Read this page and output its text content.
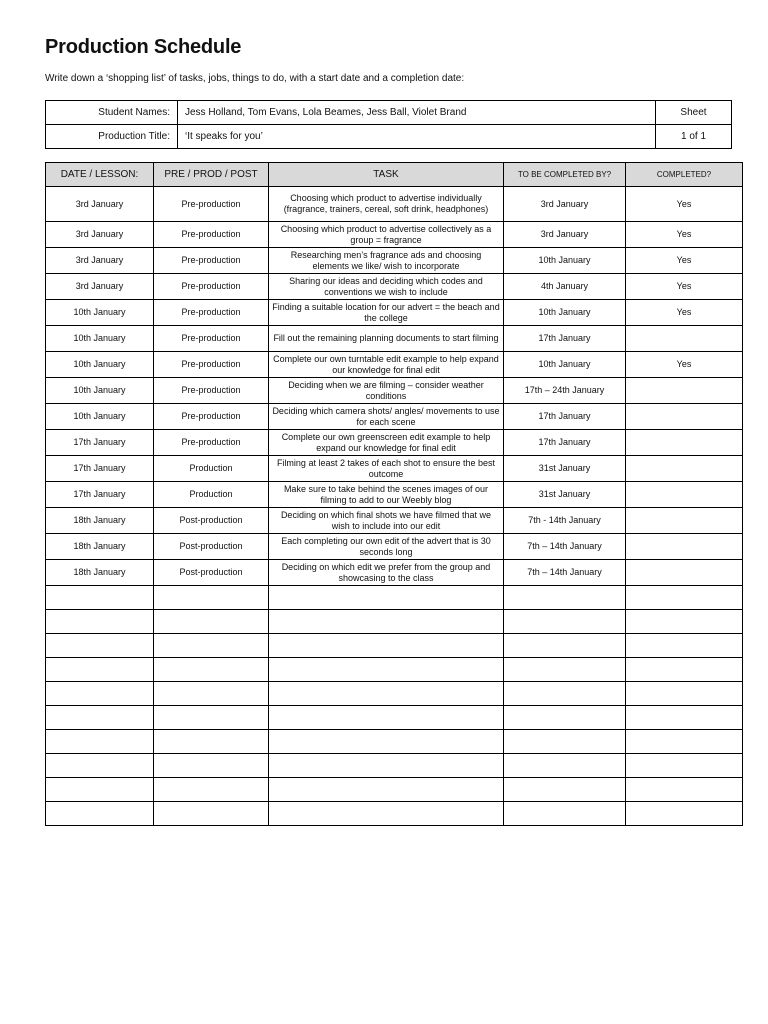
Production Schedule
Write down a ‘shopping list’ of tasks, jobs, things to do, with a start date and a completion date:
Student Names:	Jess Holland, Tom Evans, Lola Beames, Jess Ball, Violet Brand	Sheet
Production Title:	‘It speaks for you’	1 of 1
DATE / LESSON:	PRE / PROD / POST	TASK	TO BE COMPLETED BY?	COMPLETED?
3rd January	Pre-production	Choosing which product to advertise individually (fragrance, trainers, cereal, soft drink, headphones)	3rd January	Yes
3rd January	Pre-production	Choosing which product to advertise collectively as a group = fragrance	3rd January	Yes
3rd January	Pre-production	Researching men’s fragrance ads and choosing elements we like/ wish to incorporate	10th January	Yes
3rd January	Pre-production	Sharing our ideas and deciding which codes and conventions we wish to include	4th January	Yes
10th January	Pre-production	Finding a suitable location for our advert = the beach and the college	10th January	Yes
10th January	Pre-production	Fill out the remaining planning documents to start filming	17th January	
10th January	Pre-production	Complete our own turntable edit example to help expand our knowledge for final edit	10th January	Yes
10th January	Pre-production	Deciding when we are filming – consider weather conditions	17th – 24th January	
10th January	Pre-production	Deciding which camera shots/ angles/ movements to use for each scene	17th January	
17th January	Pre-production	Complete our own greenscreen edit example to help expand our knowledge for final edit	17th January	
17th January	Production	Filming at least 2 takes of each shot to ensure the best outcome	31st January	
17th January	Production	Make sure to take behind the scenes images of our filming to add to our Weebly blog	31st January	
18th January	Post-production	Deciding on which final shots we have filmed that we wish to include into our edit	7th - 14th January	
18th January	Post-production	Each completing our own edit of the advert that is 30 seconds long	7th – 14th January	
18th January	Post-production	Deciding on which edit we prefer from the group and showcasing to the class	7th – 14th January	
